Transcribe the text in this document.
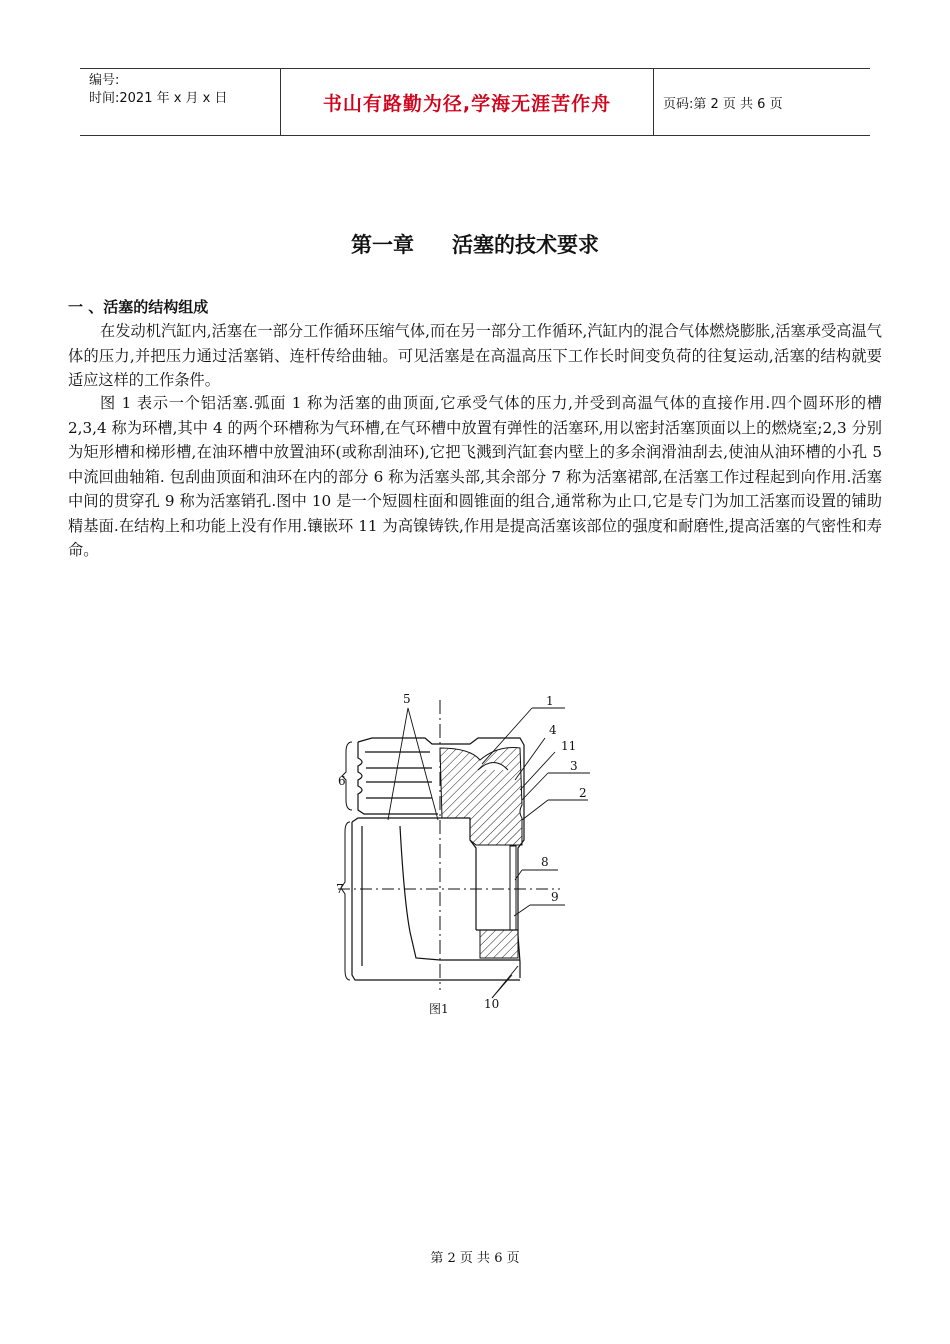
编号:
时间:2021 年 x 月 x 日	书山有路勤为径,学海无涯苦作舟	页码:第 2 页 共 6 页
第一章 活塞的技术要求
一 、活塞的结构组成

在发动机汽缸内,活塞在一部分工作循环压缩气体,而在另一部分工作循环,汽缸内的混合气体燃烧膨胀,活塞承受高温气体的压力,并把压力通过活塞销、连杆传给曲轴。可见活塞是在高温高压下工作长时间变负荷的往复运动,活塞的结构就要适应这样的工作条件。

图 1 表示一个铝活塞.弧面 1 称为活塞的曲顶面,它承受气体的压力,并受到高温气体的直接作用.四个圆环形的槽 2,3,4 称为环槽,其中 4 的两个环槽称为气环槽,在气环槽中放置有弹性的活塞环,用以密封活塞顶面以上的燃烧室;2,3 分别为矩形槽和梯形槽,在油环槽中放置油环(或称刮油环),它把飞溅到汽缸套内壁上的多余润滑油刮去,使油从油环槽的小孔 5 中流回曲轴箱. 包刮曲顶面和油环在内的部分 6 称为活塞头部,其余部分 7 称为活塞裙部,在活塞工作过程起到向作用.活塞中间的贯穿孔 9 称为活塞销孔.图中 10 是一个短圆柱面和圆锥面的组合,通常称为止口,它是专门为加工活塞而设置的铺助精基面.在结构上和功能上没有作用.镶嵌环 11 为高镍铸铁,作用是提高活塞该部位的强度和耐磨性,提高活塞的气密性和寿命。

5	1
4
11
3
2
6
7
8
9
10
图1
第 2 页 共 6 页
